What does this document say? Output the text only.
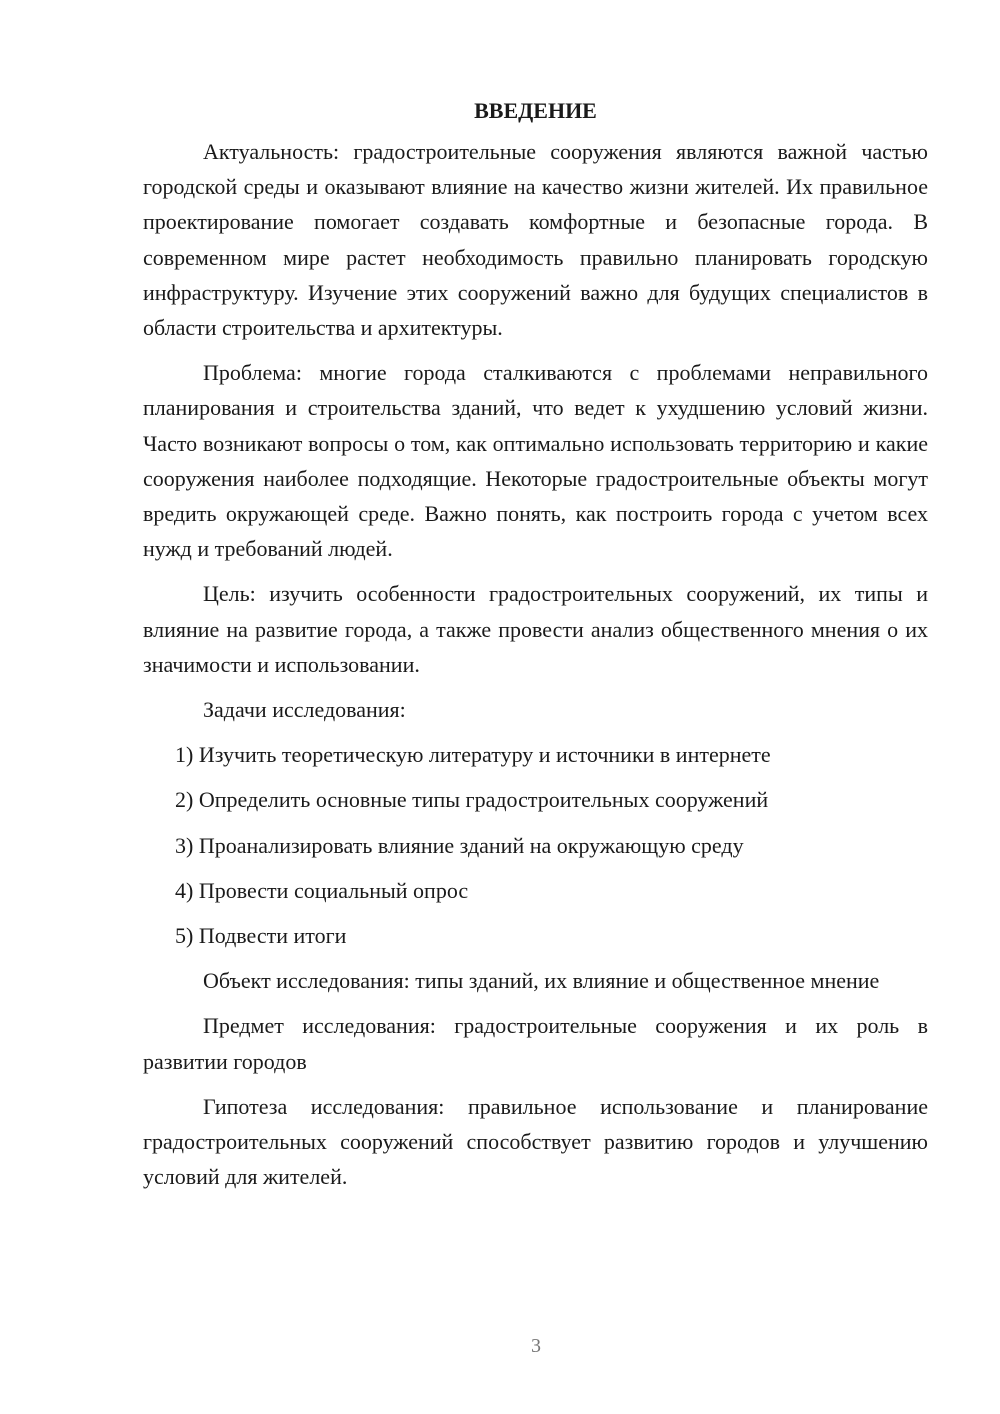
ВВЕДЕНИЕ

Актуальность: градостроительные сооружения являются важной частью городской среды и оказывают влияние на качество жизни жителей. Их правильное проектирование помогает создавать комфортные и безопасные города. В современном мире растет необходимость правильно планировать городскую инфраструктуру. Изучение этих сооружений важно для будущих специалистов в области строительства и архитектуры.

Проблема: многие города сталкиваются с проблемами неправильного планирования и строительства зданий, что ведет к ухудшению условий жизни. Часто возникают вопросы о том, как оптимально использовать территорию и какие сооружения наиболее подходящие. Некоторые градостроительные объекты могут вредить окружающей среде. Важно понять, как построить города с учетом всех нужд и требований людей.

Цель: изучить особенности градостроительных сооружений, их типы и влияние на развитие города, а также провести анализ общественного мнения о их значимости и использовании.

Задачи исследования:
1) Изучить теоретическую литературу и источники в интернете
2) Определить основные типы градостроительных сооружений
3) Проанализировать влияние зданий на окружающую среду
4) Провести социальный опрос
5) Подвести итоги

Объект исследования: типы зданий, их влияние и общественное мнение

Предмет исследования: градостроительные сооружения и их роль в развитии городов

Гипотеза исследования: правильное использование и планирование градостроительных сооружений способствует развитию городов и улучшению условий для жителей.

3
